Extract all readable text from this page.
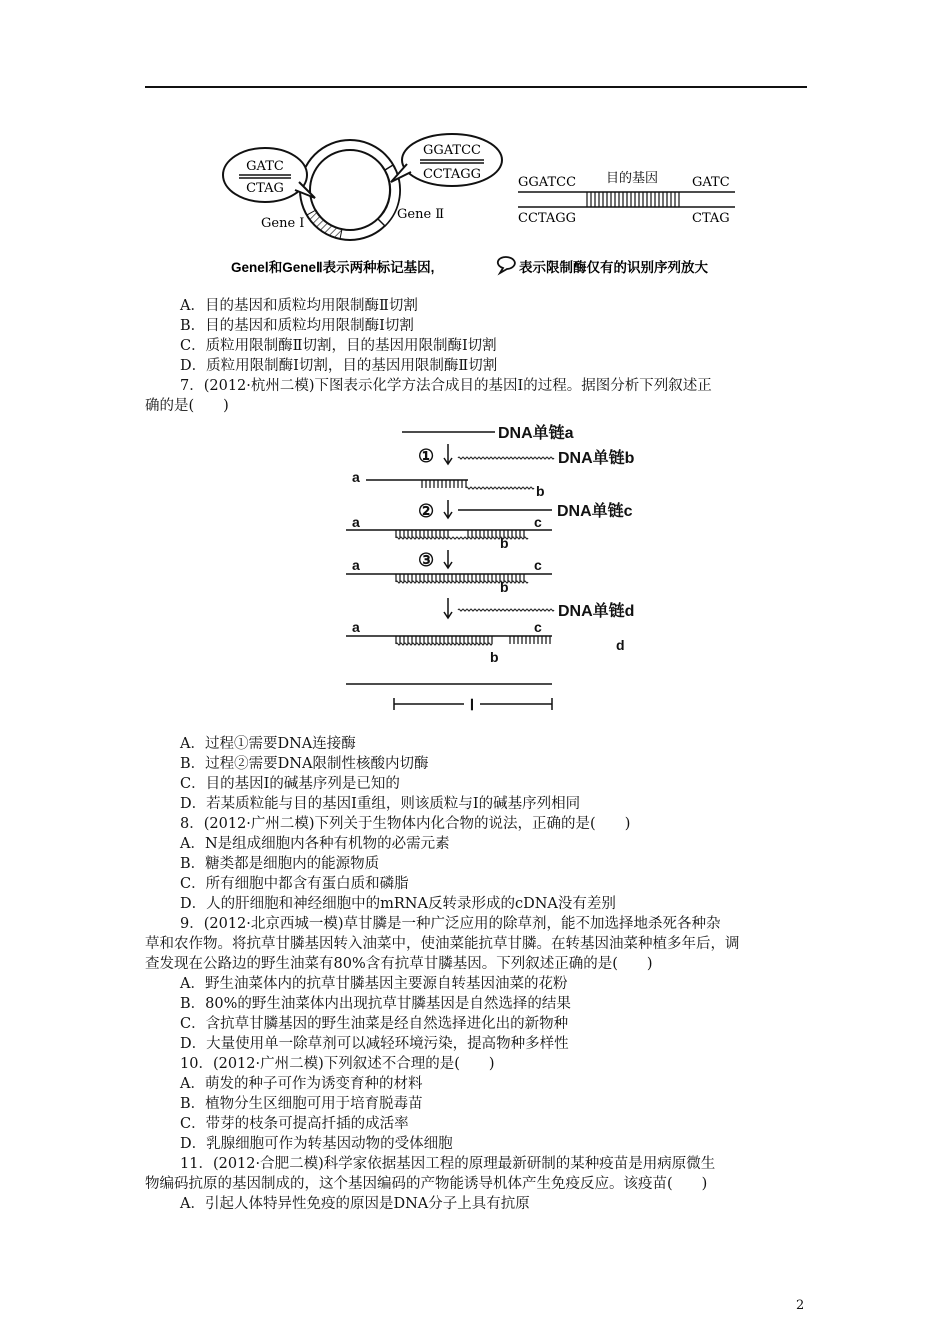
GATC
CTAG
GGATCC
CCTAGG
Gene Ⅰ
Gene Ⅱ
GGATCC
CCTAGG
目的基因	GATC
CTAG
GeneⅠ和GeneⅡ表示两种标记基因,	表示限制酶仅有的识别序列放大
A．目的基因和质粒均用限制酶Ⅱ切割
B．目的基因和质粒均用限制酶Ⅰ切割
C．质粒用限制酶Ⅱ切割，目的基因用限制酶Ⅰ切割
D．质粒用限制酶Ⅰ切割，目的基因用限制酶Ⅱ切割
7．(2012·杭州二模)下图表示化学方法合成目的基因Ⅰ的过程。据图分析下列叙述正
确的是(　　)
DNA单链a
①	DNA单链b
a
b
②	DNA单链c
a	c
b
③
a	c
b
DNA单链d
a	c
b
d
Ⅰ
A．过程①需要DNA连接酶
B．过程②需要DNA限制性核酸内切酶
C．目的基因Ⅰ的碱基序列是已知的
D．若某质粒能与目的基因Ⅰ重组，则该质粒与Ⅰ的碱基序列相同
8．(2012·广州二模)下列关于生物体内化合物的说法，正确的是(　　)
A．N是组成细胞内各种有机物的必需元素
B．糖类都是细胞内的能源物质
C．所有细胞中都含有蛋白质和磷脂
D．人的肝细胞和神经细胞中的mRNA反转录形成的cDNA没有差别
9．(2012·北京西城一模)草甘膦是一种广泛应用的除草剂，能不加选择地杀死各种杂
草和农作物。将抗草甘膦基因转入油菜中，使油菜能抗草甘膦。在转基因油菜种植多年后，调
查发现在公路边的野生油菜有80%含有抗草甘膦基因。下列叙述正确的是(　　)
A．野生油菜体内的抗草甘膦基因主要源自转基因油菜的花粉
B．80%的野生油菜体内出现抗草甘膦基因是自然选择的结果
C．含抗草甘膦基因的野生油菜是经自然选择进化出的新物种
D．大量使用单一除草剂可以减轻环境污染，提高物种多样性
10．(2012·广州二模)下列叙述不合理的是(　　)
A．萌发的种子可作为诱变育种的材料
B．植物分生区细胞可用于培育脱毒苗
C．带芽的枝条可提高扦插的成活率
D．乳腺细胞可作为转基因动物的受体细胞
11．(2012·合肥二模)科学家依据基因工程的原理最新研制的某种疫苗是用病原微生
物编码抗原的基因制成的，这个基因编码的产物能诱导机体产生免疫反应。该疫苗(　　)
A．引起人体特异性免疫的原因是DNA分子上具有抗原
2
